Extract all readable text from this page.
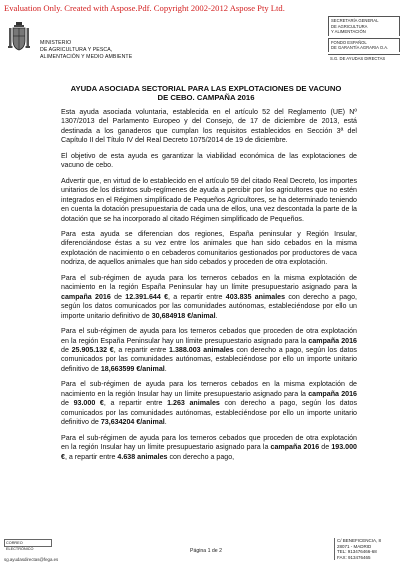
Evaluation Only. Created with Aspose.Pdf. Copyright 2002-2012 Aspose Pty Ltd.
MINISTERIO
DE AGRICULTURA Y PESCA,
ALIMENTACIÓN Y MEDIO AMBIENTE
SECRETARÍA GENERAL
DE AGRICULTURA
Y ALIMENTACIÓN
FONDO ESPAÑOL
DE GARANTÍA AGRARIA O.A.
S.G. DE AYUDAS DIRECTAS
AYUDA ASOCIADA SECTORIAL PARA LAS EXPLOTACIONES DE VACUNO
DE CEBO. CAMPAÑA 2016

Esta ayuda asociada voluntaria, establecida en el artículo 52 del Reglamento (UE) Nº 1307/2013 del Parlamento Europeo y del Consejo, de 17 de diciembre de 2013, está destinada a los ganaderos que cumplan los requisitos establecidos en Sección 3ª del Capítulo II del Título IV del Real Decreto 1075/2014 de 19 de diciembre.

El objetivo de esta ayuda es garantizar la viabilidad económica de las explotaciones de vacuno de cebo.

Advertir que, en virtud de lo establecido en el artículo 59 del citado Real Decreto, los importes unitarios de los distintos sub-regímenes de ayuda a percibir por los agricultores que no estén integrados en el Régimen simplificado de Pequeños Agricultores, se ha determinado teniendo en cuenta la dotación presupuestaria de cada una de ellos, una vez descontada la parte de la dotación que se ha incorporado al citado Régimen simplificado de Pequeños.

Para esta ayuda se diferencian dos regiones, España peninsular y Región Insular, diferenciándose éstas a su vez entre los animales que han sido cebados en la misma explotación de nacimiento o en cebaderos comunitarios gestionados por productores de vaca nodriza, de aquellos animales que han sido cebados y proceden de otra explotación.

Para el sub-régimen de ayuda para los terneros cebados en la misma explotación de nacimiento en la región España Peninsular hay un límite presupuestario asignado para la campaña 2016 de 12.391.644 €, a repartir entre 403.835 animales con derecho a pago, según los datos comunicados por las comunidades autónomas, estableciéndose por ello un importe unitario definitivo de 30,684918 €/animal.

Para el sub-régimen de ayuda para los terneros cebados que proceden de otra explotación en la región España Peninsular hay un límite presupuestario asignado para la campaña 2016 de 25.905.132 €, a repartir entre 1.388.003 animales con derecho a pago, según los datos comunicados por las comunidades autónomas, estableciéndose por ello un importe unitario definitivo de 18,663599 €/animal.

Para el sub-régimen de ayuda para los terneros cebados en la misma explotación de nacimiento en la región Insular hay un límite presupuestario asignado para la campaña 2016 de 93.000 €, a repartir entre 1.263 animales con derecho a pago, según los datos comunicados por las comunidades autónomas, estableciéndose por ello un importe unitario definitivo de 73,634204 €/animal.

Para el sub-régimen de ayuda para los terneros cebados que proceden de otra explotación en la región Insular hay un límite presupuestario asignado para la campaña 2016 de 193.000 €, a repartir entre 4.638 animales con derecho a pago,

CORREO ELECTRÓNICO
sg.ayudasdirectas@fega.es
Página 1 de 2
C/ BENEFICENCIA, 8
28071 - MADRID
TEL: 913476466-68
FAX: 913476465
